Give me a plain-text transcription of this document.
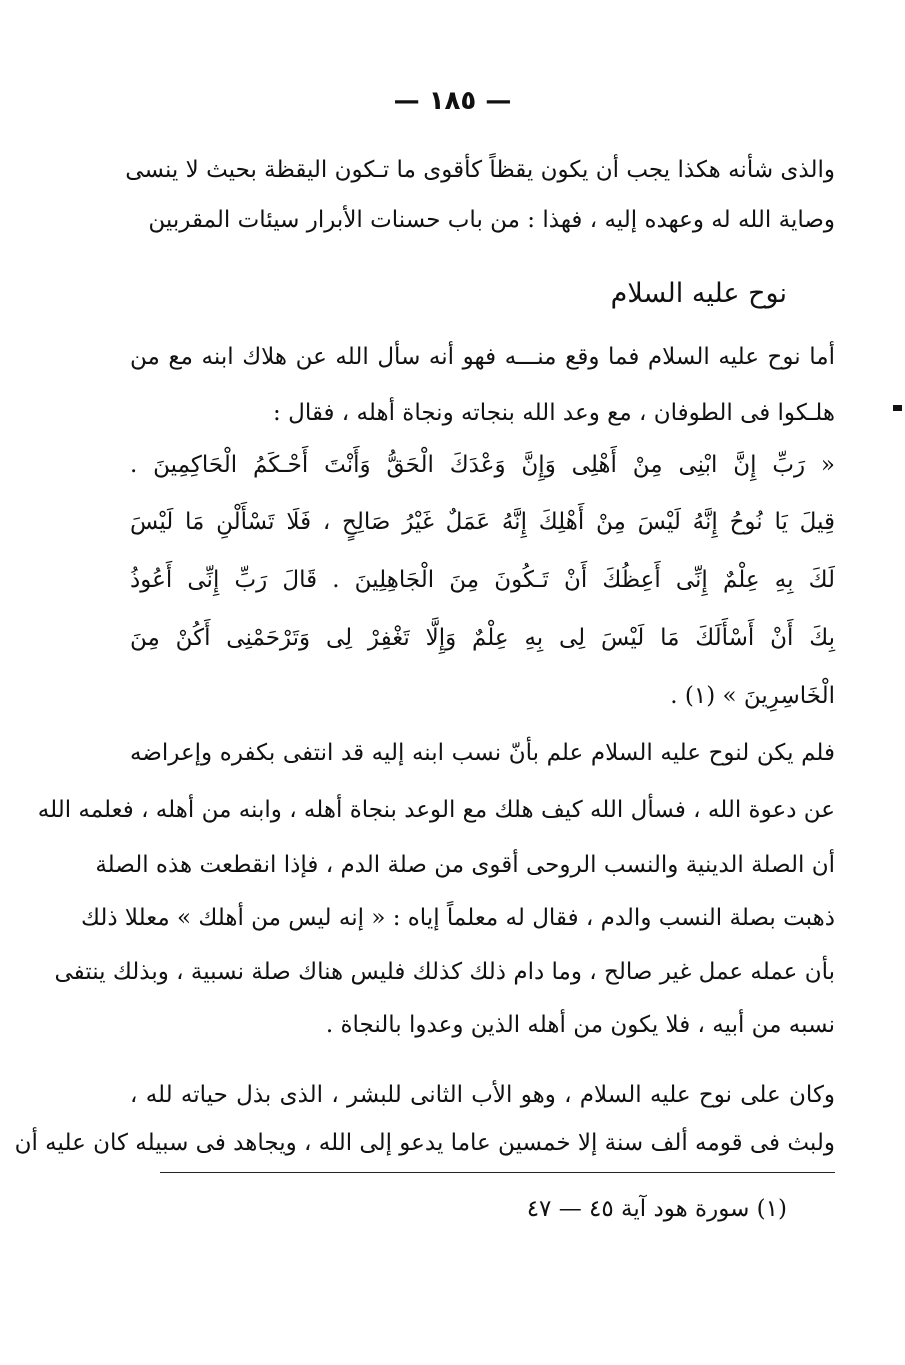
— ١٨٥ —
والذى شأنه هكذا يجب أن يكون يقظاً كأقوى ما تـكون اليقظة بحيث لا ينسى
وصاية الله له وعهده إليه ، فهذا : من باب حسنات الأبرار سيئات المقربين
نوح عليه السلام
أما نوح عليه السلام فما وقع منـــه فهو أنه سأل الله عن هلاك ابنه مع من
هلـكوا فى الطوفان ، مع وعد الله بنجاته ونجاة أهله ، فقال :
« رَبِّ إِنَّ ابْنِى مِنْ أَهْلِى وَإِنَّ وَعْدَكَ الْحَقُّ وَأَنْتَ أَحْـكَمُ الْحَاكِمِينَ .
قِيلَ يَا نُوحُ إِنَّهُ لَيْسَ مِنْ أَهْلِكَ إِنَّهُ عَمَلٌ غَيْرُ صَالِحٍ ، فَلَا تَسْأَلْنِ مَا لَيْسَ
لَكَ بِهِ عِلْمٌ إِنِّى أَعِظُكَ أَنْ تَـكُونَ مِنَ الْجَاهِلِينَ . قَالَ رَبِّ إِنِّى أَعُوذُ
بِكَ أَنْ أَسْأَلَكَ مَا لَيْسَ لِى بِهِ عِلْمٌ وَإِلَّا تَغْفِرْ لِى وَتَرْحَمْنِى أَكُنْ مِنَ
الْخَاسِرِينَ » (١) .
فلم يكن لنوح عليه السلام علم بأنّ نسب ابنه إليه قد انتفى بكفره وإعراضه
عن دعوة الله ، فسأل الله كيف هلك مع الوعد بنجاة أهله ، وابنه من أهله ، فعلمه الله
أن الصلة الدينية والنسب الروحى أقوى من صلة الدم ، فإذا انقطعت هذه الصلة
ذهبت بصلة النسب والدم ، فقال له معلماً إياه : « إنه ليس من أهلك » معللا ذلك
بأن عمله عمل غير صالح ، وما دام ذلك كذلك فليس هناك صلة نسبية ، وبذلك ينتفى
نسبه من أبيه ، فلا يكون من أهله الذين وعدوا بالنجاة .
وكان على نوح عليه السلام ، وهو الأب الثانى للبشر ، الذى بذل حياته لله ،
ولبث فى قومه ألف سنة إلا خمسين عاما يدعو إلى الله ، ويجاهد فى سبيله كان عليه أن
(١) سورة هود آية ٤٥ — ٤٧
